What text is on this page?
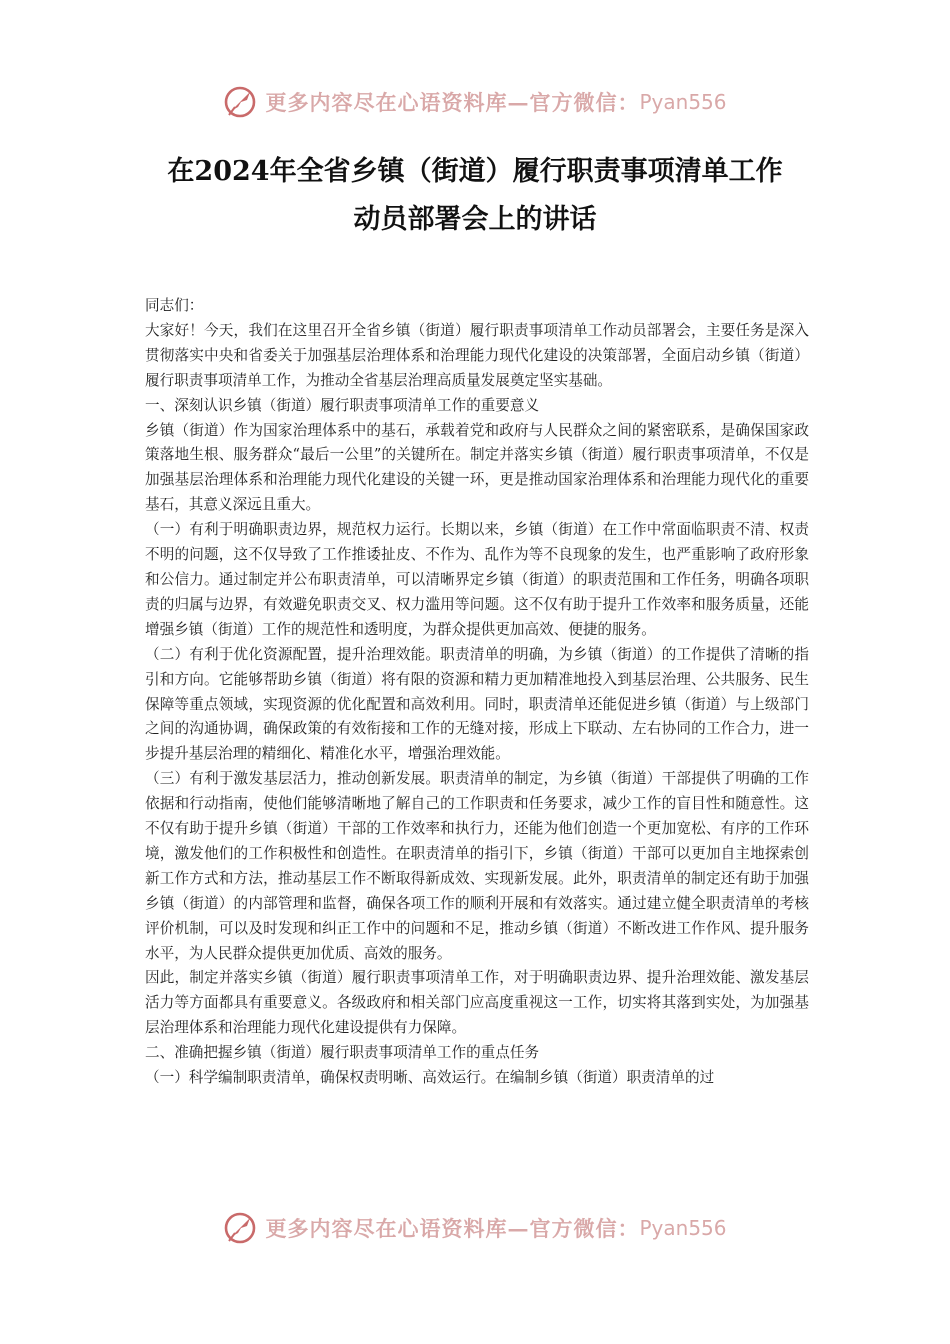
更多内容尽在心语资料库—官方微信： Pyan556
在2024年全省乡镇（街道）履行职责事项清单工作
动员部署会上的讲话

同志们：

大家好！今天，我们在这里召开全省乡镇（街道）履行职责事项清单工作动员部署会，主要任务是深入贯彻落实中央和省委关于加强基层治理体系和治理能力现代化建设的决策部署，全面启动乡镇（街道）履行职责事项清单工作，为推动全省基层治理高质量发展奠定坚实基础。

一、深刻认识乡镇（街道）履行职责事项清单工作的重要意义

乡镇（街道）作为国家治理体系中的基石，承载着党和政府与人民群众之间的紧密联系，是确保国家政策落地生根、服务群众“最后一公里”的关键所在。制定并落实乡镇（街道）履行职责事项清单，不仅是加强基层治理体系和治理能力现代化建设的关键一环，更是推动国家治理体系和治理能力现代化的重要基石，其意义深远且重大。

（一）有利于明确职责边界，规范权力运行。长期以来，乡镇（街道）在工作中常面临职责不清、权责不明的问题，这不仅导致了工作推诿扯皮、不作为、乱作为等不良现象的发生，也严重影响了政府形象和公信力。通过制定并公布职责清单，可以清晰界定乡镇（街道）的职责范围和工作任务，明确各项职责的归属与边界，有效避免职责交叉、权力滥用等问题。这不仅有助于提升工作效率和服务质量，还能增强乡镇（街道）工作的规范性和透明度，为群众提供更加高效、便捷的服务。

（二）有利于优化资源配置，提升治理效能。职责清单的明确，为乡镇（街道）的工作提供了清晰的指引和方向。它能够帮助乡镇（街道）将有限的资源和精力更加精准地投入到基层治理、公共服务、民生保障等重点领域，实现资源的优化配置和高效利用。同时，职责清单还能促进乡镇（街道）与上级部门之间的沟通协调，确保政策的有效衔接和工作的无缝对接，形成上下联动、左右协同的工作合力，进一步提升基层治理的精细化、精准化水平，增强治理效能。

（三）有利于激发基层活力，推动创新发展。职责清单的制定，为乡镇（街道）干部提供了明确的工作依据和行动指南，使他们能够清晰地了解自己的工作职责和任务要求，减少工作的盲目性和随意性。这不仅有助于提升乡镇（街道）干部的工作效率和执行力，还能为他们创造一个更加宽松、有序的工作环境，激发他们的工作积极性和创造性。在职责清单的指引下，乡镇（街道）干部可以更加自主地探索创新工作方式和方法，推动基层工作不断取得新成效、实现新发展。此外，职责清单的制定还有助于加强乡镇（街道）的内部管理和监督，确保各项工作的顺利开展和有效落实。通过建立健全职责清单的考核评价机制，可以及时发现和纠正工作中的问题和不足，推动乡镇（街道）不断改进工作作风、提升服务水平，为人民群众提供更加优质、高效的服务。

因此，制定并落实乡镇（街道）履行职责事项清单工作，对于明确职责边界、提升治理效能、激发基层活力等方面都具有重要意义。各级政府和相关部门应高度重视这一工作，切实将其落到实处，为加强基层治理体系和治理能力现代化建设提供有力保障。

二、准确把握乡镇（街道）履行职责事项清单工作的重点任务

（一）科学编制职责清单，确保权责明晰、高效运行。在编制乡镇（街道）职责清单的过

更多内容尽在心语资料库—官方微信： Pyan556
